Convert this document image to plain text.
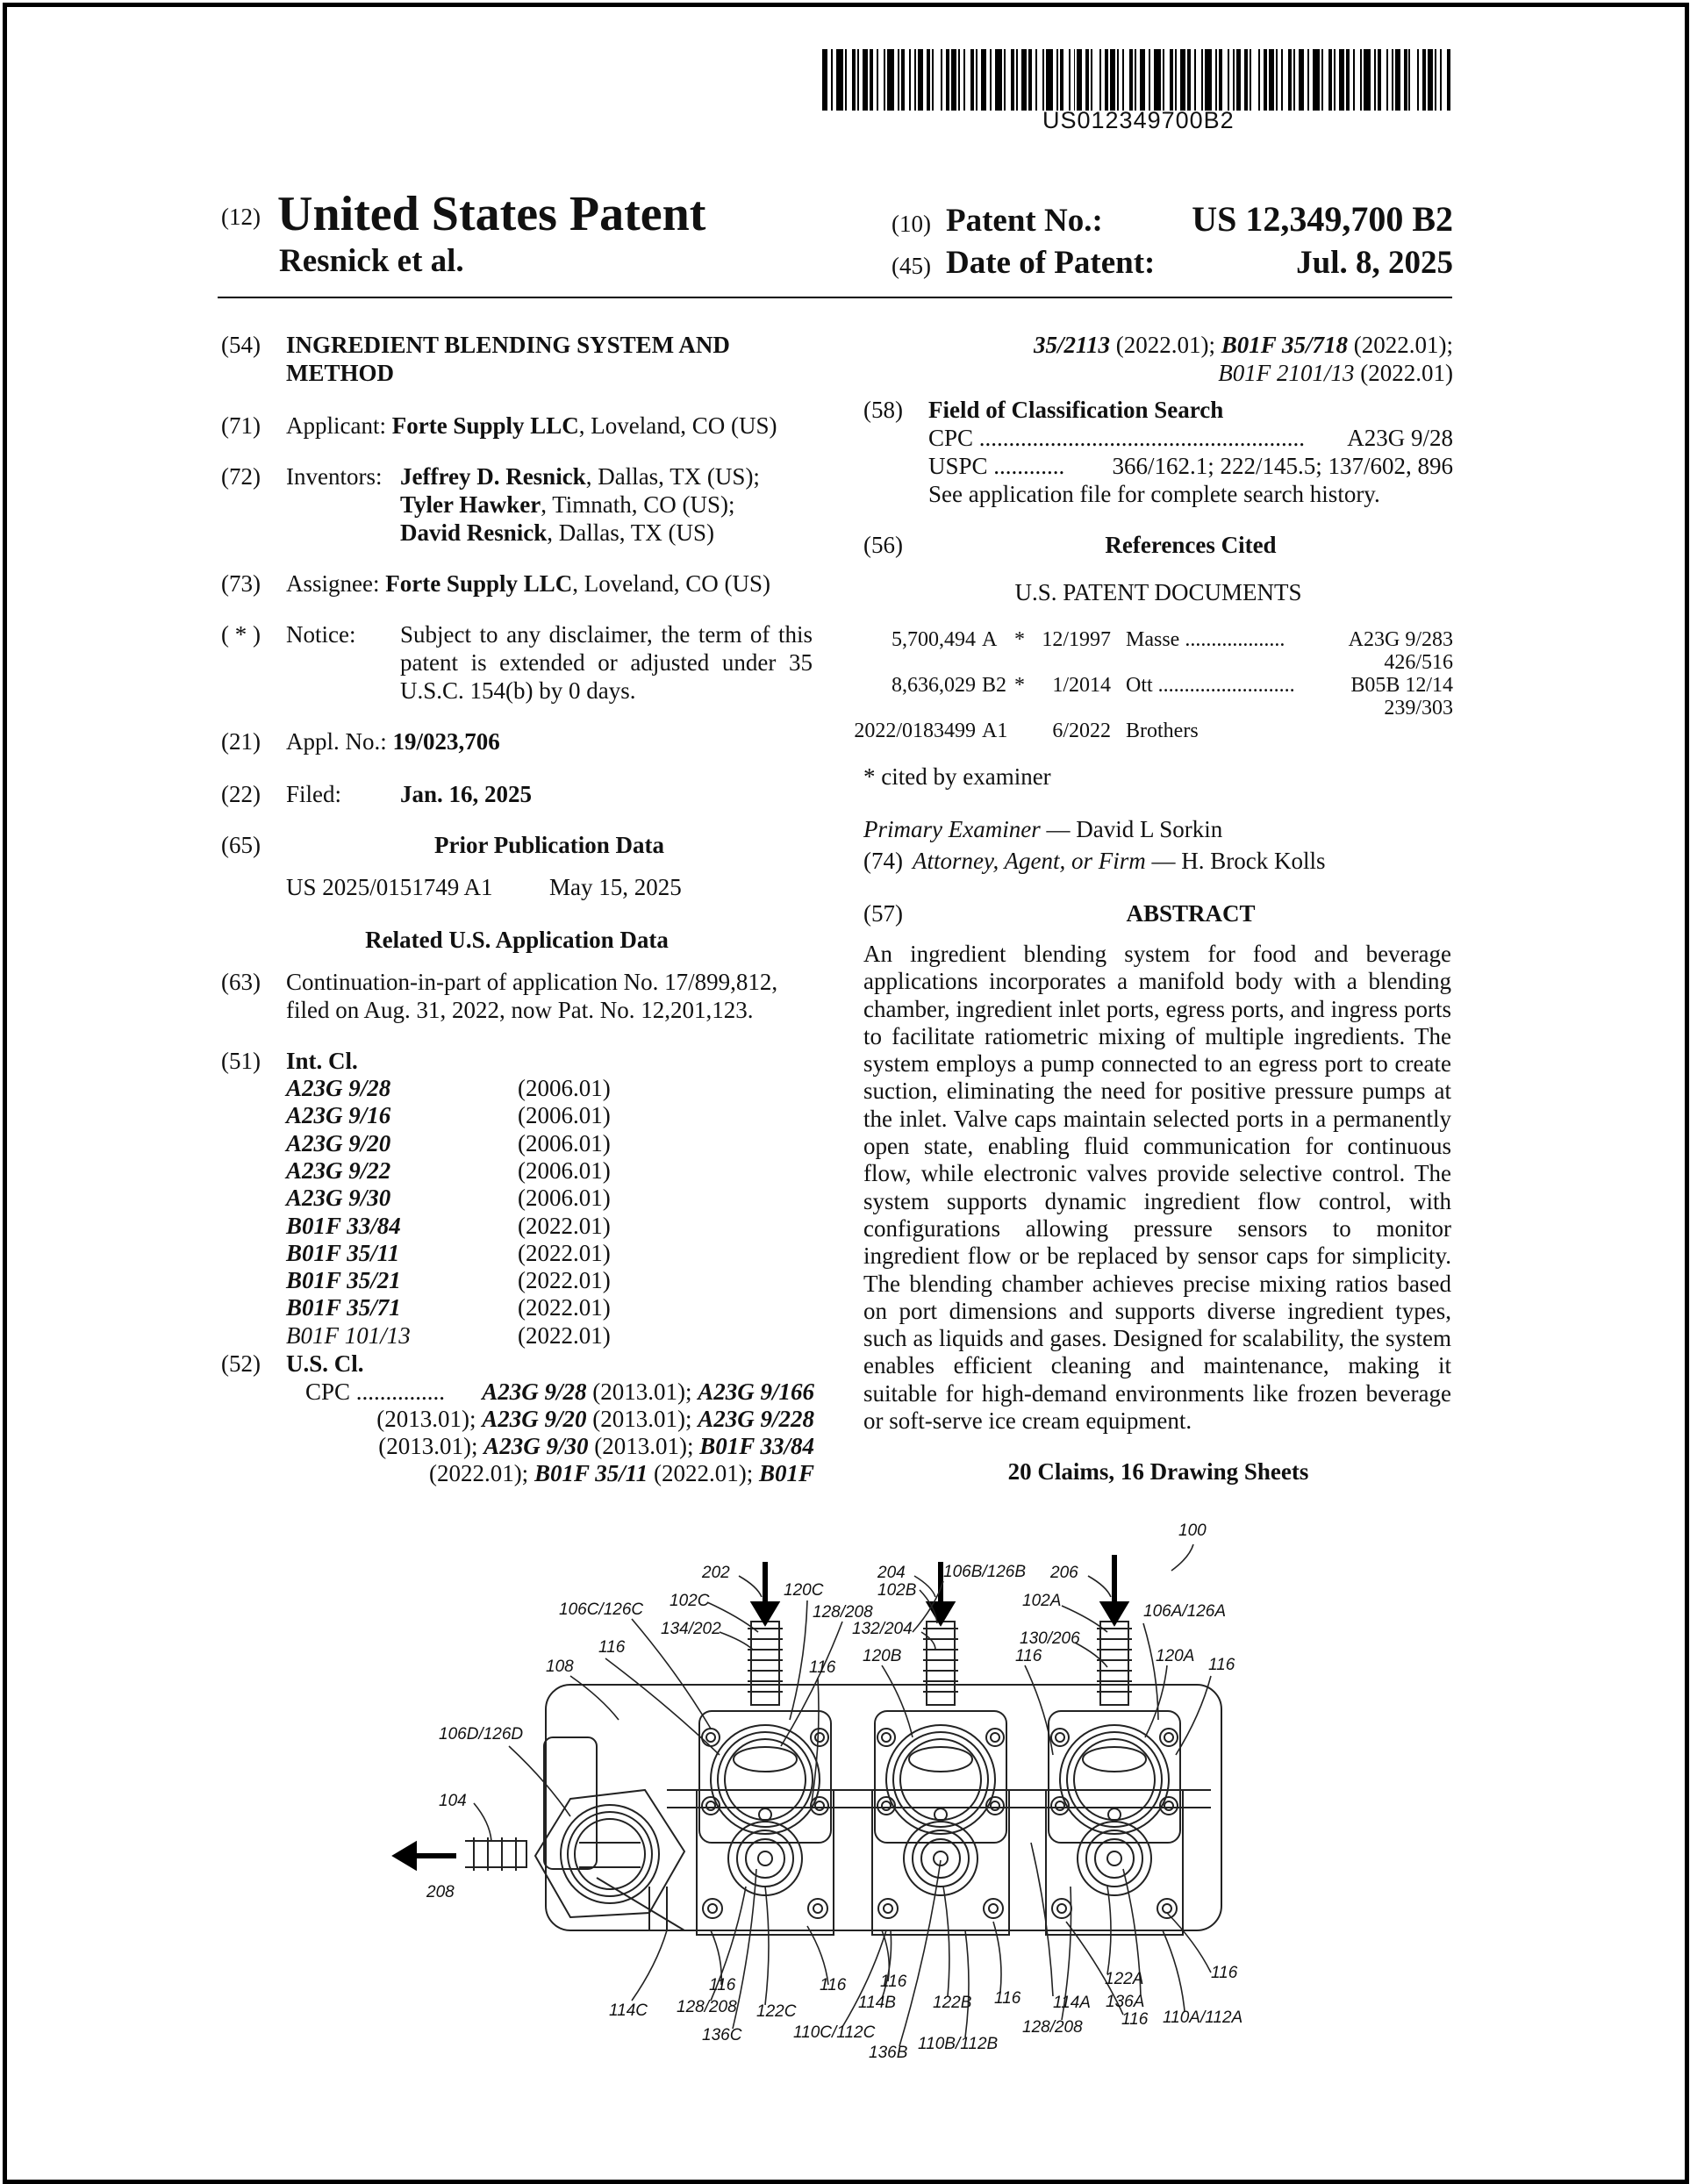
US012349700B2
(12) United States Patent
Resnick et al.
(10) Patent No.:	US 12,349,700 B2
(45) Date of Patent:	Jul. 8, 2025
(54) INGREDIENT BLENDING SYSTEM AND
METHOD
(71) Applicant: Forte Supply LLC, Loveland, CO (US)
(72) Inventors: Jeffrey D. Resnick, Dallas, TX (US);
Tyler Hawker, Timnath, CO (US);
David Resnick, Dallas, TX (US)
(73) Assignee: Forte Supply LLC, Loveland, CO (US)
( * ) Notice: Subject to any disclaimer, the term of this
patent is extended or adjusted under 35
U.S.C. 154(b) by 0 days.
(21) Appl. No.: 19/023,706
(22) Filed: Jan. 16, 2025
(65)	Prior Publication Data
US 2025/0151749 A1 May 15, 2025
Related U.S. Application Data
(63) Continuation-in-part of application No. 17/899,812,
filed on Aug. 31, 2022, now Pat. No. 12,201,123.
(51) Int. Cl.
A23G 9/28	(2006.01)
A23G 9/16	(2006.01)
A23G 9/20	(2006.01)
A23G 9/22	(2006.01)
A23G 9/30	(2006.01)
B01F 33/84	(2022.01)
B01F 35/11	(2022.01)
B01F 35/21	(2022.01)
B01F 35/71	(2022.01)
B01F 101/13	(2022.01)
(52) U.S. Cl.
CPC ............... A23G 9/28 (2013.01); A23G 9/166
(2013.01); A23G 9/20 (2013.01); A23G 9/228
(2013.01); A23G 9/30 (2013.01); B01F 33/84
(2022.01); B01F 35/11 (2022.01); B01F
35/2113 (2022.01); B01F 35/718 (2022.01);
B01F 2101/13 (2022.01)
(58) Field of Classification Search
CPC ....................................................... A23G 9/28
USPC ............ 366/162.1; 222/145.5; 137/602, 896
See application file for complete search history.
(56)	References Cited
U.S. PATENT DOCUMENTS
5,700,494 A * 12/1997 Masse ...................	A23G 9/283
426/516
8,636,029 B2 *	1/2014 Ott ..........................	B05B 12/14
239/303
2022/0183499 A1	6/2022 Brothers
* cited by examiner
Primary Examiner — David L Sorkin
(74) Attorney, Agent, or Firm — H. Brock Kolls
(57)	ABSTRACT
An ingredient blending system for food and beverage applications incorporates a manifold body with a blending chamber, ingredient inlet ports, egress ports, and ingress ports to facilitate ratiometric mixing of multiple ingredients. The system employs a pump connected to an egress port to create suction, eliminating the need for positive pressure pumps at the inlet. Valve caps maintain selected ports in a permanently open state, enabling fluid communication for continuous flow, while electronic valves provide selective control. The system supports dynamic ingredient flow control, with configurations allowing pressure sensors to monitor ingredient flow or be replaced by sensor caps for simplicity. The blending chamber achieves precise mixing ratios based on port dimensions and supports diverse ingredient types, such as liquids and gases. Designed for scalability, the system enables efficient cleaning and maintenance, making it suitable for high-demand environments like frozen beverage or soft-serve ice cream equipment.
20 Claims, 16 Drawing Sheets
100
202	204	206
106B/126B
102B
120C
102C
106C/126C
134/202
128/208
132/204
102A
106A/126A
130/206
116
116
116	116
120B	120A
108
106D/126D
104
208
114C
116
128/208
136C
122C
116 116
114B
110C/112C
136B
122B
110B/112B
116 114A
128/208
122A
136A
116 110A/112A
116
